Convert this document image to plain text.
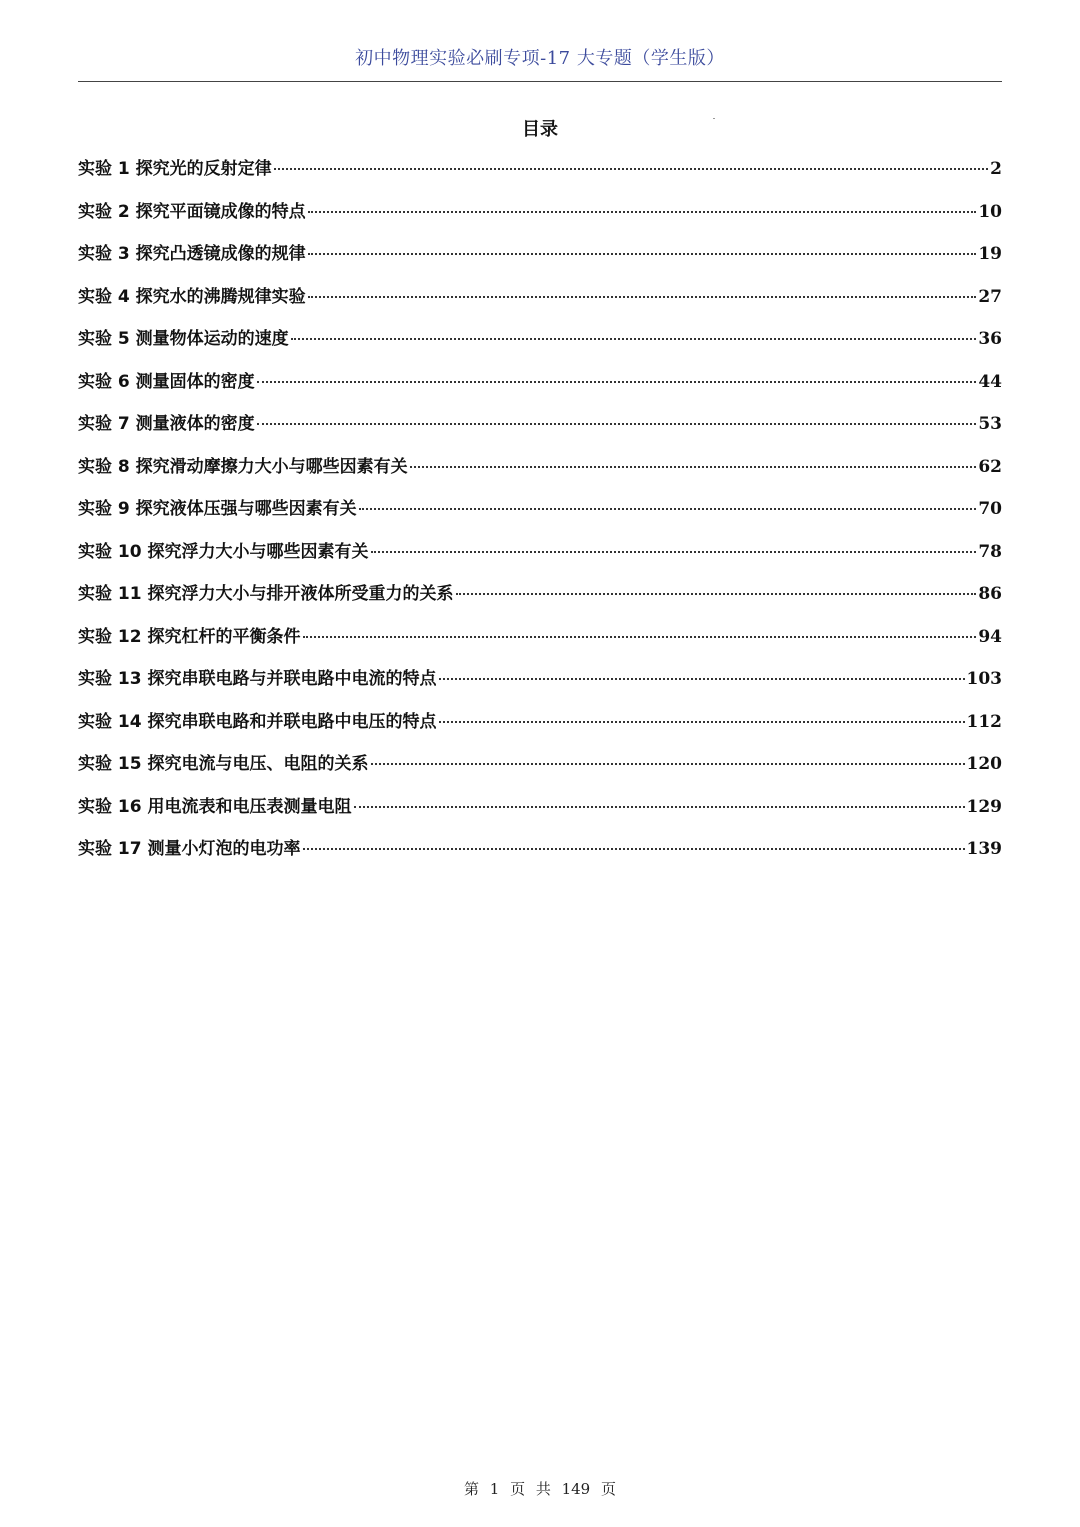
初中物理实验必刷专项-17 大专题（学生版）
目录
实验 1 探究光的反射定律	2
实验 2 探究平面镜成像的特点	10
实验 3 探究凸透镜成像的规律	19
实验 4 探究水的沸腾规律实验	27
实验 5 测量物体运动的速度	36
实验 6 测量固体的密度	44
实验 7 测量液体的密度	53
实验 8 探究滑动摩擦力大小与哪些因素有关	62
实验 9 探究液体压强与哪些因素有关	70
实验 10 探究浮力大小与哪些因素有关	78
实验 11 探究浮力大小与排开液体所受重力的关系	86
实验 12 探究杠杆的平衡条件	94
实验 13 探究串联电路与并联电路中电流的特点	103
实验 14 探究串联电路和并联电路中电压的特点	112
实验 15 探究电流与电压、电阻的关系	120
实验 16 用电流表和电压表测量电阻	129
实验 17 测量小灯泡的电功率	139
第 1 页 共 149 页
